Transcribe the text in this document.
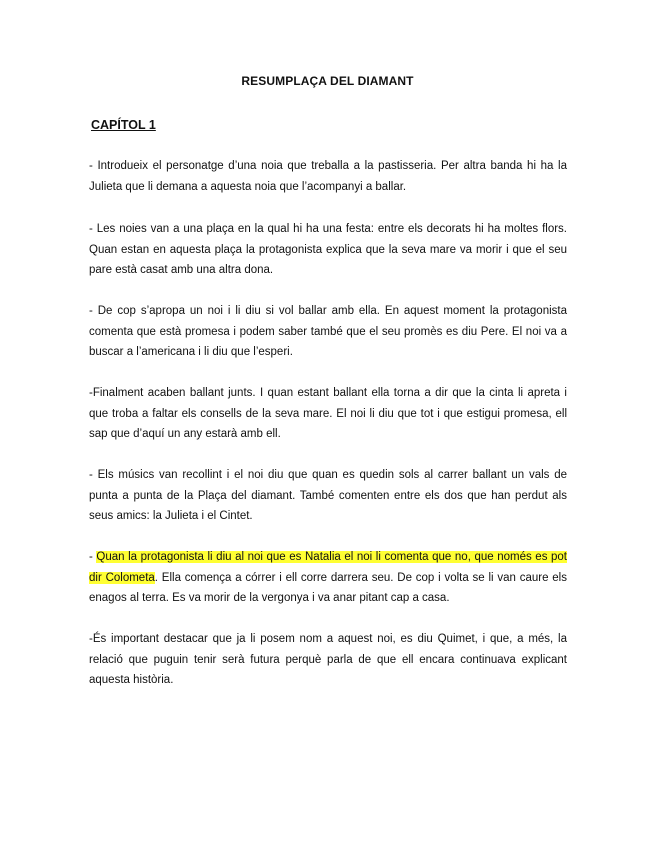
RESUMPLAÇA DEL DIAMANT
CAPÍTOL 1

- Introdueix el personatge d’una noia que treballa a la pastisseria. Per altra banda hi ha la Julieta que li demana a aquesta noia que l’acompanyi a ballar.

- Les noies van a una plaça en la qual hi ha una festa: entre els decorats hi ha moltes flors. Quan estan en aquesta plaça la protagonista explica que la seva mare va morir i que el seu pare està casat amb una altra dona.

- De cop s’apropa un noi i li diu si vol ballar amb ella. En aquest moment la protagonista comenta que està promesa i podem saber també que el seu promès es diu Pere. El noi va a buscar a l’americana i li diu que l’esperi.

-Finalment acaben ballant junts. I quan estant ballant ella torna a dir que la cinta li apreta i que troba a faltar els consells de la seva mare. El noi li diu que tot i que estigui promesa, ell sap que d’aquí un any estarà amb ell.

- Els músics van recollint i el noi diu que quan es quedin sols al carrer ballant un vals de punta a punta de la Plaça del diamant. També comenten entre els dos que han perdut als seus amics: la Julieta i el Cintet.

- Quan la protagonista li diu al noi que es Natalia el noi li comenta que no, que només es pot dir Colometa. Ella comença a córrer i ell corre darrera seu. De cop i volta se li van caure els enagos al terra. Es va morir de la vergonya i va anar pitant cap a casa.

-És important destacar que ja li posem nom a aquest noi, es diu Quimet, i que, a més, la relació que puguin tenir serà futura perquè parla de que ell encara continuava explicant aquesta història.
